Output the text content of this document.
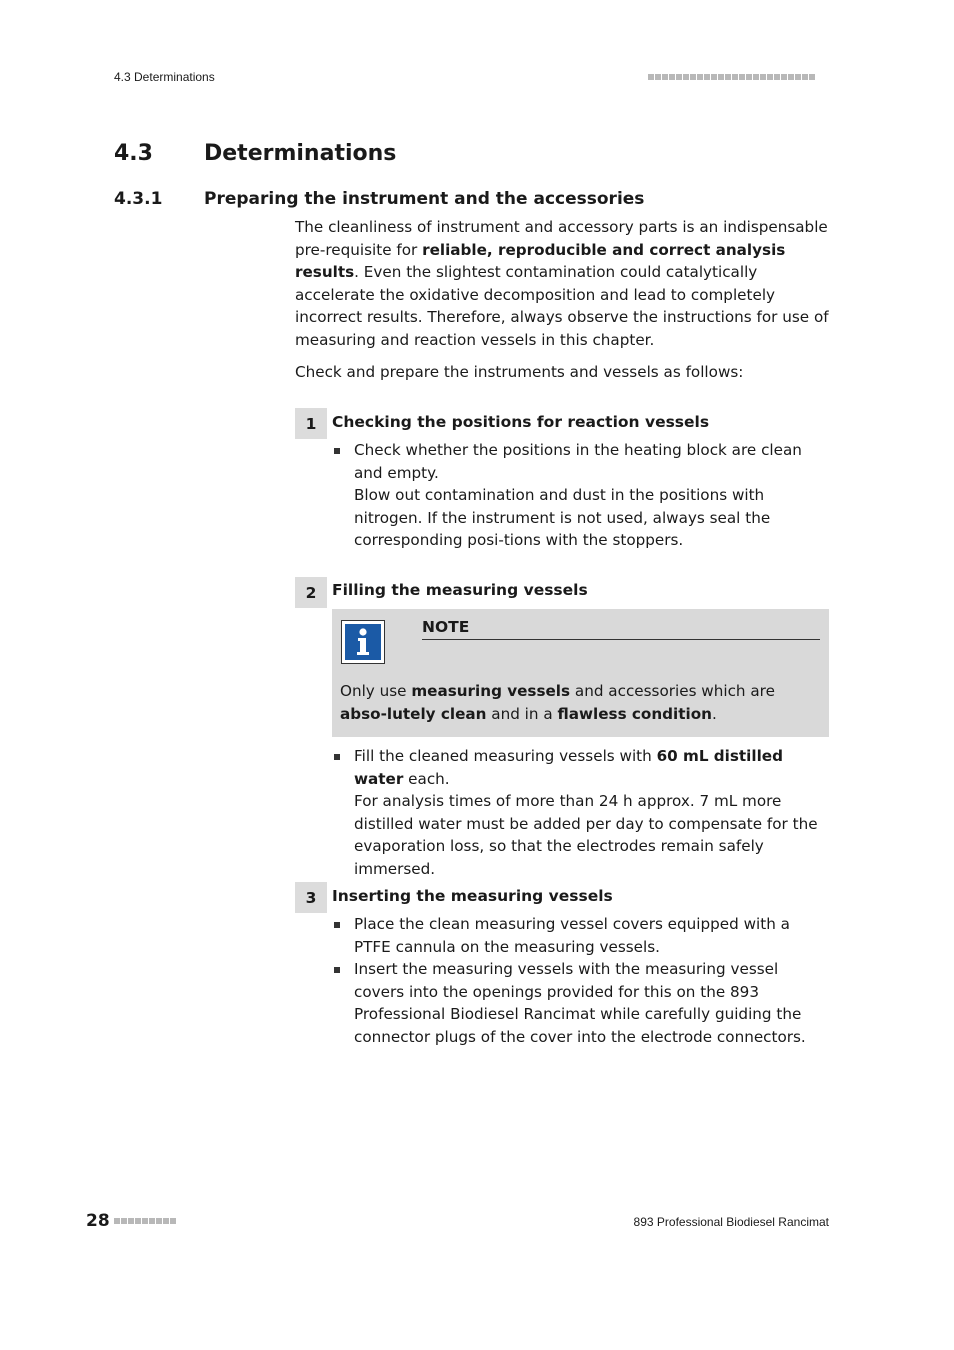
4.3 Determinations
4.3 Determinations
4.3.1 Preparing the instrument and the accessories
The cleanliness of instrument and accessory parts is an indispensable pre-requisite for reliable, reproducible and correct analysis results. Even the slightest contamination could catalytically accelerate the oxidative decomposition and lead to completely incorrect results. Therefore, always observe the instructions for use of measuring and reaction vessels in this chapter.
Check and prepare the instruments and vessels as follows:
1	Checking the positions for reaction vessels
Check whether the positions in the heating block are clean and empty.
Blow out contamination and dust in the positions with nitrogen. If the instrument is not used, always seal the corresponding posi-tions with the stoppers.
2	Filling the measuring vessels
NOTE
Only use measuring vessels and accessories which are abso-lutely clean and in a flawless condition.
Fill the cleaned measuring vessels with 60 mL distilled water each.
For analysis times of more than 24 h approx. 7 mL more distilled water must be added per day to compensate for the evaporation loss, so that the electrodes remain safely immersed.
3	Inserting the measuring vessels
Place the clean measuring vessel covers equipped with a PTFE cannula on the measuring vessels.
Insert the measuring vessels with the measuring vessel covers into the openings provided for this on the 893 Professional Biodiesel Rancimat while carefully guiding the connector plugs of the cover into the electrode connectors.
28	893 Professional Biodiesel Rancimat
